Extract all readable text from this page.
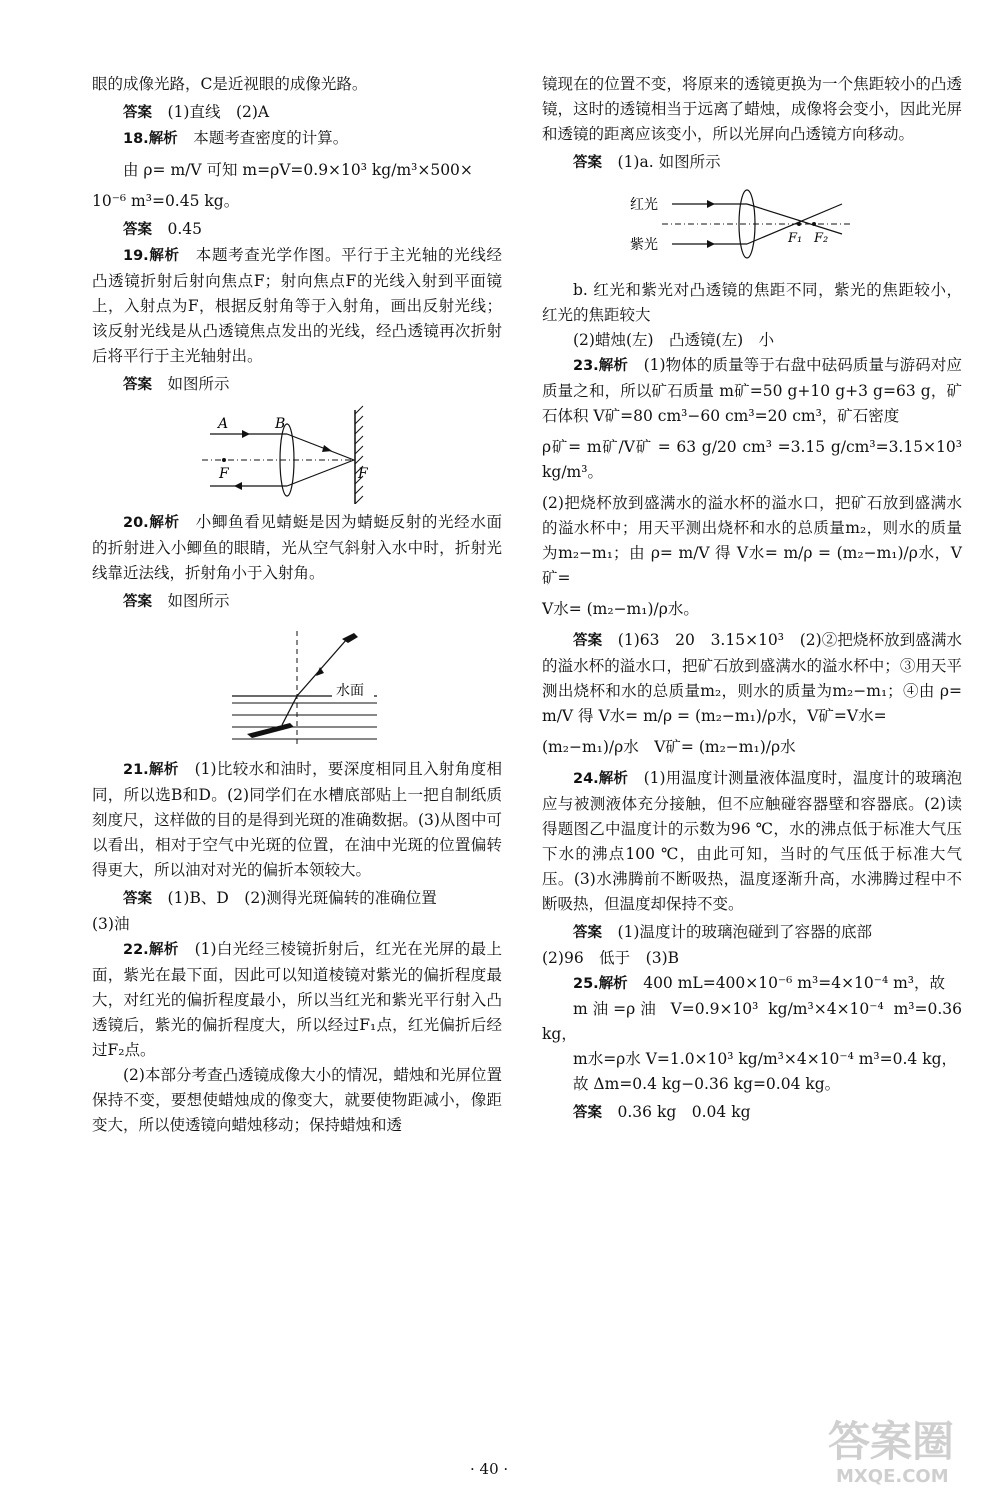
眼的成像光路，C是近视眼的成像光路。

答案　 (1)直线　(2)A

18.解析　 本题考查密度的计算。

由 ρ= m/V 可知 m=ρV=0.9×10³ kg/m³×500×

10⁻⁶ m³=0.45 kg。

答案　 0.45

19.解析　 本题考查光学作图。平行于主光轴的光线经凸透镜折射后射向焦点F；射向焦点F的光线入射到平面镜上，入射点为F，根据反射角等于入射角，画出反射光线；该反射光线是从凸透镜焦点发出的光线，经凸透镜再次折射后将平行于主光轴射出。

答案　 如图所示

A	B
F	F

20.解析　 小鲫鱼看见蜻蜓是因为蜻蜓反射的光经水面的折射进入小鲫鱼的眼睛，光从空气斜射入水中时，折射光线靠近法线，折射角小于入射角。

答案　 如图所示

水面

21.解析　 (1)比较水和油时，要深度相同且入射角度相同，所以选B和D。(2)同学们在水槽底部贴上一把自制纸质刻度尺，这样做的目的是得到光斑的准确数据。(3)从图中可以看出，相对于空气中光斑的位置，在油中光斑的位置偏转得更大，所以油对对光的偏折本领较大。

答案　 (1)B、D　(2)测得光斑偏转的准确位置

(3)油

22.解析　 (1)白光经三棱镜折射后，红光在光屏的最上面，紫光在最下面，因此可以知道棱镜对紫光的偏折程度最大，对红光的偏折程度最小，所以当红光和紫光平行射入凸透镜后，紫光的偏折程度大，所以经过F₁点，红光偏折后经过F₂点。

(2)本部分考查凸透镜成像大小的情况，蜡烛和光屏位置保持不变，要想使蜡烛成的像变大，就要使物距减小，像距变大，所以使透镜向蜡烛移动；保持蜡烛和透

镜现在的位置不变，将原来的透镜更换为一个焦距较小的凸透镜，这时的透镜相当于远离了蜡烛，成像将会变小，因此光屏和透镜的距离应该变小，所以光屏向凸透镜方向移动。

答案　 (1)a. 如图所示

红光
紫光	F₁ F₂

b. 红光和紫光对凸透镜的焦距不同，紫光的焦距较小，红光的焦距较大

(2)蜡烛(左)　凸透镜(左)　小

23.解析　 (1)物体的质量等于右盘中砝码质量与游码对应质量之和，所以矿石质量 m矿=50 g+10 g+3 g=63 g，矿石体积 V矿=80 cm³−60 cm³=20 cm³，矿石密度

ρ矿= m矿/V矿 = 63 g/20 cm³ =3.15 g/cm³=3.15×10³ kg/m³。

(2)把烧杯放到盛满水的溢水杯的溢水口，把矿石放到盛满水的溢水杯中；用天平测出烧杯和水的总质量m₂，则水的质量为m₂−m₁；由 ρ= m/V 得 V水= m/ρ = (m₂−m₁)/ρ水，V矿=

V水= (m₂−m₁)/ρ水。

答案　 (1)63　20　3.15×10³　(2)②把烧杯放到盛满水的溢水杯的溢水口，把矿石放到盛满水的溢水杯中；③用天平测出烧杯和水的总质量m₂，则水的质量为m₂−m₁；④由 ρ= m/V 得 V水= m/ρ = (m₂−m₁)/ρ水，V矿=V水=

(m₂−m₁)/ρ水　V矿= (m₂−m₁)/ρ水

24.解析　 (1)用温度计测量液体温度时，温度计的玻璃泡应与被测液体充分接触，但不应触碰容器壁和容器底。(2)读得题图乙中温度计的示数为96 ℃，水的沸点低于标准大气压下水的沸点100 ℃，由此可知，当时的气压低于标准大气压。(3)水沸腾前不断吸热，温度逐渐升高，水沸腾过程中不断吸热，但温度却保持不变。

答案　 (1)温度计的玻璃泡碰到了容器的底部

(2)96　低于　(3)B

25.解析　 400 mL=400×10⁻⁶ m³=4×10⁻⁴ m³，故

m油=ρ油 V=0.9×10³ kg/m³×4×10⁻⁴ m³=0.36 kg，

m水=ρ水 V=1.0×10³ kg/m³×4×10⁻⁴ m³=0.4 kg，

故 Δm=0.4 kg−0.36 kg=0.04 kg。

答案　 0.36 kg　0.04 kg

· 40 ·
答案圈
MXQE.COM
